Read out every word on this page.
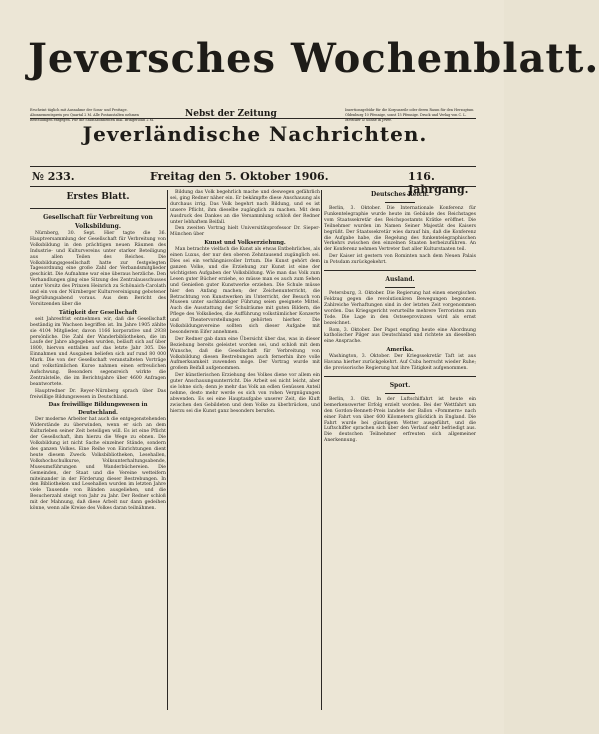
Jeversches Wochenblatt.
Erscheint täglich mit Ausnahme der Sonn- und Festtage. Abonnementspreis pro Quartal 2 M. Alle Postanstalten nehmen Bestellungen entgegen. Für die Stadtabonnenten inkl. Bringerlohn 2 M.
Nebst der Zeitung	Insertionsgebühr für die Korpuszeile oder deren Raum für den Herzogtum Oldenburg 10 Pfennige, sonst 15 Pfennige. Druck und Verlag von C. L. Mettcker & Söhne in Jever.
Jeverländische Nachrichten.
№ 233.	Freitag den 5. Oktober 1906.	116. Jahrgang.
Erstes Blatt.
Gesellschaft für Verbreitung von Volksbildung.

Nürnberg, 30. Sept. Hier tagte die 36. Hauptversammlung der Gesellschaft für Verbreitung von Volksbildung in den prächtigen neuen Räumen des Industrie- und Kulturvereins unter starker Beteiligung aus allen Teilen des Reiches. Die Volksbildungsgesellschaft hatte zur festgelegten Tagesordnung eine große Zahl der Verbandsmitglieder geschickt. Die Aufnahme war eine überaus herzliche. Den Verhandlungen ging eine Sitzung des Zentralausschusses unter Vorsitz des Prinzen Heinrich zu Schönaich-Carolath und ein von der Nürnberger Kulturvereinigung gebotener Begrüßungsabend voraus. Aus dem Bericht des Vorsitzenden über die

Tätigkeit der Gesellschaft

seit Jahresfrist entnehmen wir, daß die Gesellschaft beständig im Wachsen begriffen ist. Im Jahre 1905 zählte sie 4104 Mitglieder, davon 1166 korporative und 2938 persönliche. Die Zahl der Wanderbibliotheken, die im Laufe der Jahre abgegeben wurden, beläuft sich auf über 1800, hiervon entfallen auf das letzte Jahr 305. Die Einnahmen und Ausgaben beliefen sich auf rund 80 000 Mark. Die von der Gesellschaft veranstalteten Vorträge und volkstümlichen Kurse nahmen einen erfreulichen Aufschwung. Besonders segensreich wirkte die Zentralstelle, die im Berichtsjahre über 4600 Anfragen beantwortete.

Hauptredner Dr. Reyer-Nürnberg sprach über Das freiwillige Bildungswesen in Deutschland.

Das freiwillige Bildungswesen in Deutschland.

Der moderne Arbeiter hat auch die entgegenstehenden Widerstände zu überwinden, wenn er sich an dem Kulturleben seiner Zeit beteiligen will. Es ist eine Pflicht der Gesellschaft, ihm hierzu die Wege zu ebnen. Die Volksbildung ist nicht Sache einzelner Stände, sondern des ganzen Volkes. Eine Reihe von Einrichtungen dient heute diesem Zweck: Volksbibliotheken, Lesehallen, Volkshochschulkurse, Volksunterhaltungsabende, Museumsführungen und Wanderbüchereien. Die Gemeinden, der Staat und die Vereine wetteifern miteinander in der Förderung dieser Bestrebungen. In den Bibliotheken und Lesehallen wurden im letzten Jahre viele Tausende von Bänden ausgeliehen, und die Besucherzahl steigt von Jahr zu Jahr. Der Redner schloß mit der Mahnung, daß diese Arbeit nur dann gedeihen könne, wenn alle Kreise des Volkes daran teilnähmen.

Bildung das Volk begehrlich mache und deswegen gefährlich sei, ging Redner näher ein. Er bekämpfte diese Anschauung als durchaus irrig. Das Volk begehrt nach Bildung, und es ist unsere Pflicht, ihm dieselbe zugänglich zu machen. Mit dem Ausdruck des Dankes an die Versammlung schloß der Redner unter lebhaftem Beifall.

Den zweiten Vortrag hielt Universitätsprofessor Dr. Sieper-München über

Kunst und Volkserziehung.

Man betrachte vielfach die Kunst als etwas Entbehrliches, als einen Luxus, der nur den oberen Zehntausend zugänglich sei. Dies sei ein verhängnisvoller Irrtum. Die Kunst gehört dem ganzen Volke, und die Erziehung zur Kunst ist eine der wichtigsten Aufgaben der Volksbildung. Wie man das Volk zum Lesen guter Bücher erziehe, so müsse man es auch zum Sehen und Genießen guter Kunstwerke erziehen. Die Schule müsse hier den Anfang machen; der Zeichenunterricht, die Betrachtung von Kunstwerken im Unterricht, der Besuch von Museen unter sachkundiger Führung seien geeignete Mittel. Auch die Ausstattung der Schulräume mit guten Bildern, die Pflege des Volksliedes, die Aufführung volkstümlicher Konzerte und Theatervorstellungen gehörten hierher. Die Volksbildungsvereine sollten sich dieser Aufgabe mit besonderem Eifer annehmen.

Der Redner gab dann eine Übersicht über das, was in dieser Beziehung bereits geleistet worden sei, und schloß mit dem Wunsche, daß die Gesellschaft für Verbreitung von Volksbildung diesen Bestrebungen auch fernerhin ihre volle Aufmerksamkeit zuwenden möge. Der Vortrag wurde mit großem Beifall aufgenommen.

Der künstlerischen Erziehung des Volkes diene vor allem ein guter Anschauungsunterricht. Die Arbeit sei nicht leicht, aber sie lohne sich; denn je mehr das Volk an edlen Genüssen Anteil nehme, desto mehr werde es sich von rohen Vergnügungen abwenden. Es sei eine Hauptaufgabe unserer Zeit, die Kluft zwischen den Gebildeten und dem Volke zu überbrücken, und hierzu sei die Kunst ganz besonders berufen.

Deutsches Reich.

Berlin, 3. Oktober. Die Internationale Konferenz für Funkentelegraphie wurde heute im Gebäude des Reichstages vom Staatssekretär des Reichspostamts Krätke eröffnet. Die Teilnehmer wurden im Namen Seiner Majestät des Kaisers begrüßt. Der Staatssekretär wies darauf hin, daß die Konferenz die Aufgabe habe, die Regelung des funkentelegraphischen Verkehrs zwischen den einzelnen Staaten herbeizuführen. An der Konferenz nehmen Vertreter fast aller Kulturstaaten teil.

Der Kaiser ist gestern von Rominten nach dem Neuen Palais in Potsdam zurückgekehrt.

Ausland.

Petersburg, 3. Oktober. Die Regierung hat einen energischen Feldzug gegen die revolutionären Bewegungen begonnen. Zahlreiche Verhaftungen sind in der letzten Zeit vorgenommen worden. Das Kriegsgericht verurteilte mehrere Terroristen zum Tode. Die Lage in den Ostseeprovinzen wird als ernst bezeichnet.

Rom, 3. Oktober. Der Papst empfing heute eine Abordnung katholischer Pilger aus Deutschland und richtete an dieselben eine Ansprache.

Amerika.

Washington, 3. Oktober. Der Kriegssekretär Taft ist aus Havana hierher zurückgekehrt. Auf Cuba herrscht wieder Ruhe; die provisorische Regierung hat ihre Tätigkeit aufgenommen.

Sport.

Berlin, 3. Okt. In der Luftschiffahrt ist heute ein bemerkenswerter Erfolg erzielt worden. Bei der Wettfahrt um den Gordon-Bennett-Preis landete der Ballon »Pommern« nach einer Fahrt von über 600 Kilometern glücklich in England. Die Fahrt wurde bei günstigem Wetter ausgeführt, und die Luftschiffer sprachen sich über den Verlauf sehr befriedigt aus. Die deutschen Teilnehmer erfreuten sich allgemeiner Anerkennung.
